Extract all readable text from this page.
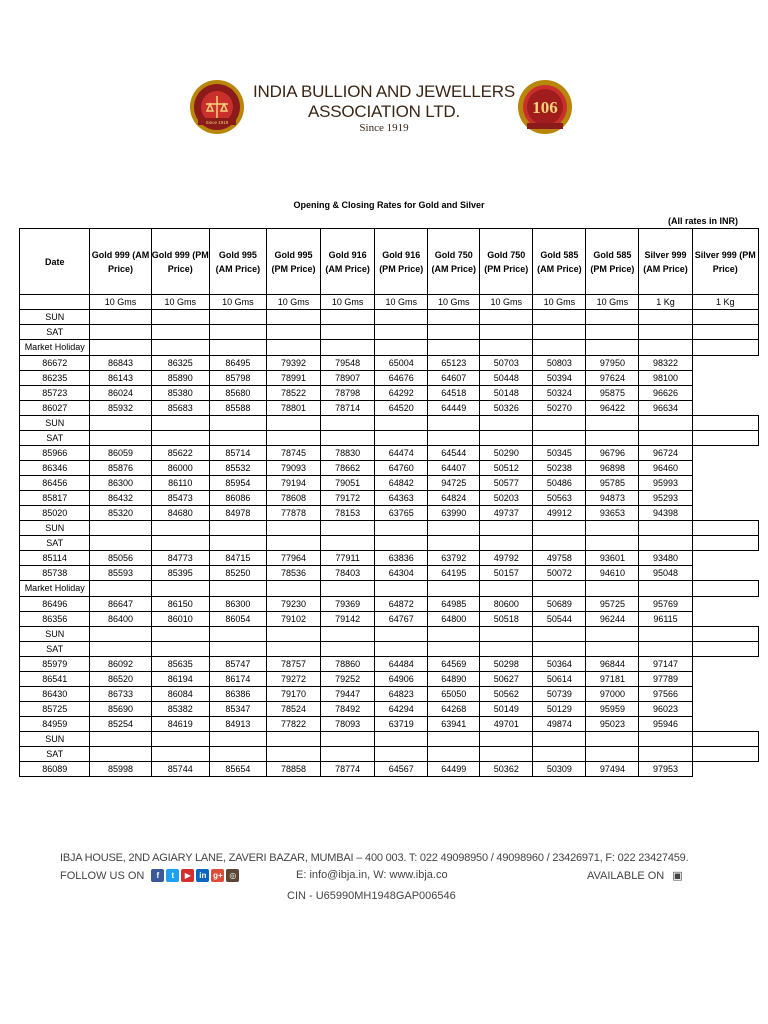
Since 1919
INDIA BULLION AND JEWELLERS
ASSOCIATION LTD.
Since 1919
106
Opening & Closing Rates for Gold and Silver
(All rates in INR)
Date	Gold 999 (AM Price)	Gold 999 (PM Price)	Gold 995 (AM Price)	Gold 995 (PM Price)	Gold 916 (AM Price)	Gold 916 (PM Price)	Gold 750 (AM Price)	Gold 750 (PM Price)	Gold 585 (AM Price)	Gold 585 (PM Price)	Silver 999 (AM Price)	Silver 999 (PM Price)
	10 Gms	10 Gms	10 Gms	10 Gms	10 Gms	10 Gms	10 Gms	10 Gms	10 Gms	10 Gms	1 Kg	1 Kg
SUN												
SAT												
Market Holiday												
86672	86843	86325	86495	79392	79548	65004	65123	50703	50803	97950	98322	
86235	86143	85890	85798	78991	78907	64676	64607	50448	50394	97624	98100	
85723	86024	85380	85680	78522	78798	64292	64518	50148	50324	95875	96626	
86027	85932	85683	85588	78801	78714	64520	64449	50326	50270	96422	96634	
SUN												
SAT												
85966	86059	85622	85714	78745	78830	64474	64544	50290	50345	96796	96724	
86346	85876	86000	85532	79093	78662	64760	64407	50512	50238	96898	96460	
86456	86300	86110	85954	79194	79051	64842	94725	50577	50486	95785	95993	
85817	86432	85473	86086	78608	79172	64363	64824	50203	50563	94873	95293	
85020	85320	84680	84978	77878	78153	63765	63990	49737	49912	93653	94398	
SUN												
SAT												
85114	85056	84773	84715	77964	77911	63836	63792	49792	49758	93601	93480	
85738	85593	85395	85250	78536	78403	64304	64195	50157	50072	94610	95048	
Market Holiday												
86496	86647	86150	86300	79230	79369	64872	64985	80600	50689	95725	95769	
86356	86400	86010	86054	79102	79142	64767	64800	50518	50544	96244	96115	
SUN												
SAT												
85979	86092	85635	85747	78757	78860	64484	64569	50298	50364	96844	97147	
86541	86520	86194	86174	79272	79252	64906	64890	50627	50614	97181	97789	
86430	86733	86084	86386	79170	79447	64823	65050	50562	50739	97000	97566	
85725	85690	85382	85347	78524	78492	64294	64268	50149	50129	95959	96023	
84959	85254	84619	84913	77822	78093	63719	63941	49701	49874	95023	95946	
SUN												
SAT												
86089	85998	85744	85654	78858	78774	64567	64499	50362	50309	97494	97953	
IBJA HOUSE, 2ND AGIARY LANE, ZAVERI BAZAR, MUMBAI – 400 003. T: 022 49098950 / 49098960 / 23426971, F: 022 23427459.
FOLLOW US ON	f	t	▶	in g+ ◎	E: info@ibja.in, W: www.ibja.co	AVAILABLE ON ▣
CIN - U65990MH1948GAP006546
